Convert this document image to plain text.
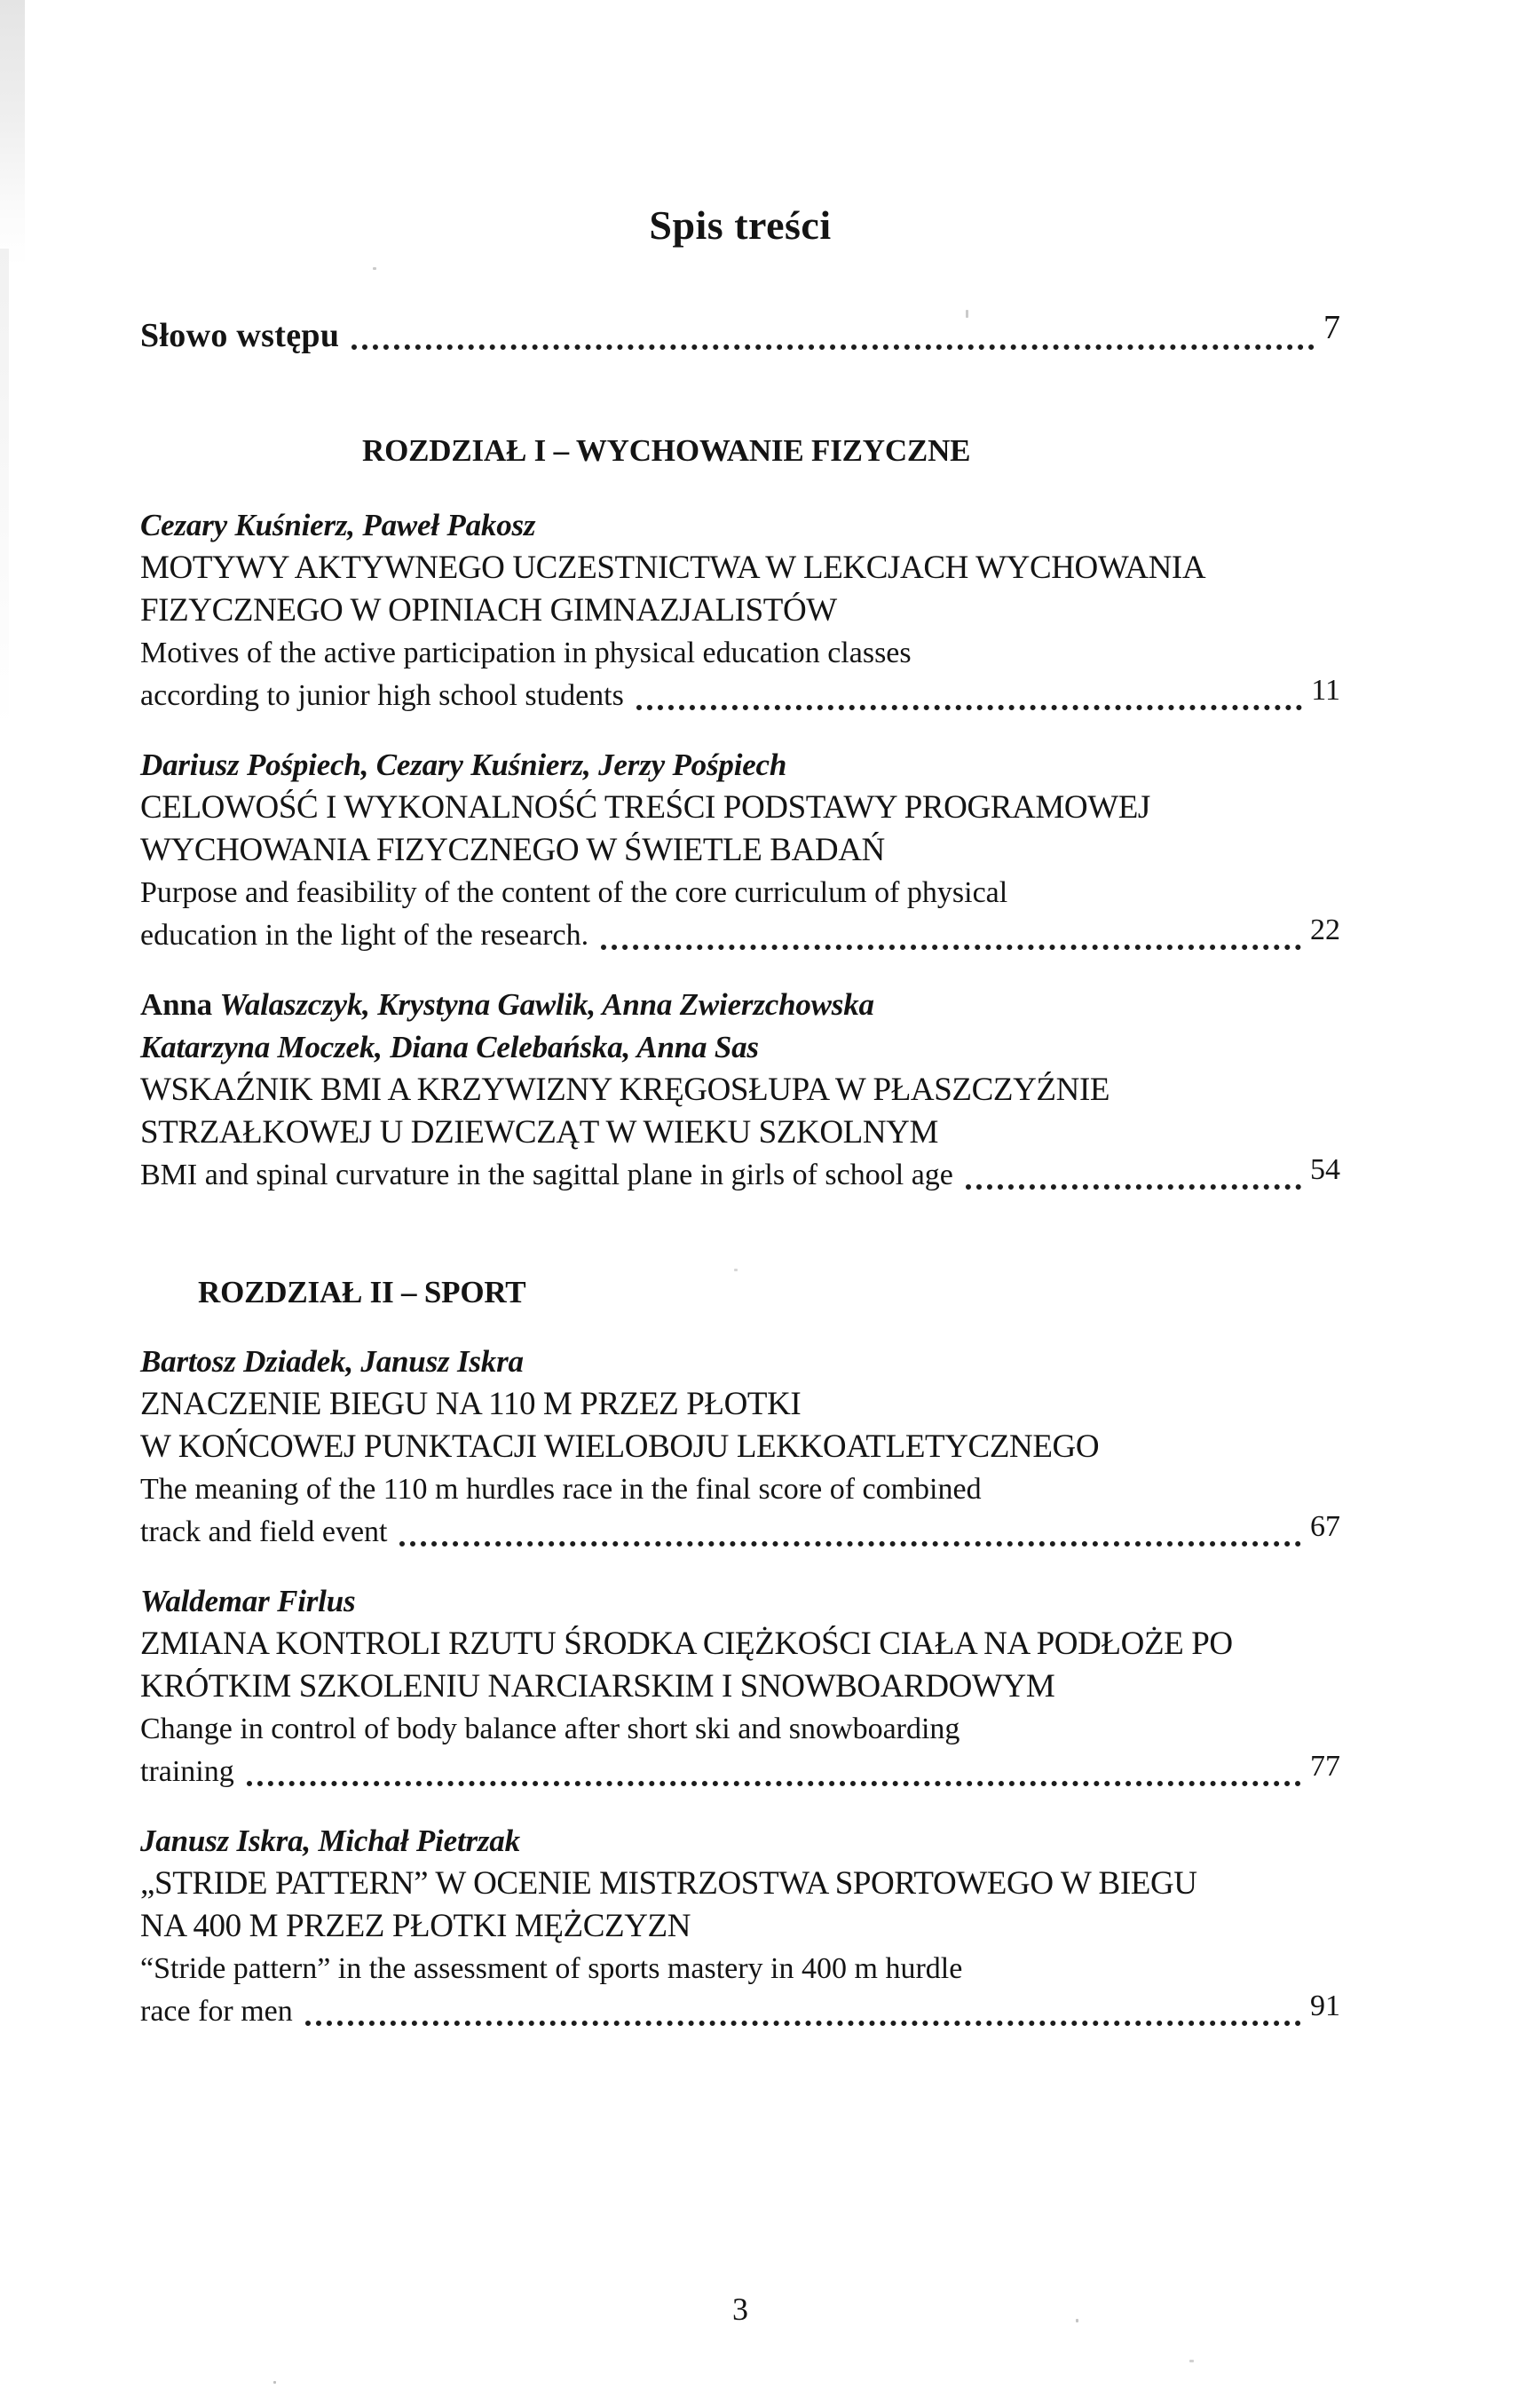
Spis treści
Słowo wstępu	7
ROZDZIAŁ I – WYCHOWANIE FIZYCZNE

Cezary Kuśnierz, Paweł Pakosz

MOTYWY AKTYWNEGO UCZESTNICTWA W LEKCJACH WYCHOWANIA

FIZYCZNEGO W OPINIACH GIMNAZJALISTÓW

Motives of the active participation in physical education classes

according to junior high school students	11

Dariusz Pośpiech, Cezary Kuśnierz, Jerzy Pośpiech

CELOWOŚĆ I WYKONALNOŚĆ TREŚCI PODSTAWY PROGRAMOWEJ

WYCHOWANIA FIZYCZNEGO W ŚWIETLE BADAŃ

Purpose and feasibility of the content of the core curriculum of physical

education in the light of the research.	22

Anna Walaszczyk, Krystyna Gawlik, Anna Zwierzchowska

Katarzyna Moczek, Diana Celebańska, Anna Sas

WSKAŹNIK BMI A KRZYWIZNY KRĘGOSŁUPA W PŁASZCZYŹNIE

STRZAŁKOWEJ U DZIEWCZĄT W WIEKU SZKOLNYM

BMI and spinal curvature in the sagittal plane in girls of school age	54

ROZDZIAŁ II – SPORT

Bartosz Dziadek, Janusz Iskra

ZNACZENIE BIEGU NA 110 M PRZEZ PŁOTKI

W KOŃCOWEJ PUNKTACJI WIELOBOJU LEKKOATLETYCZNEGO

The meaning of the 110 m hurdles race in the final score of combined

track and field event	67

Waldemar Firlus

ZMIANA KONTROLI RZUTU ŚRODKA CIĘŻKOŚCI CIAŁA NA PODŁOŻE PO

KRÓTKIM SZKOLENIU NARCIARSKIM I SNOWBOARDOWYM

Change in control of body balance after short ski and snowboarding

training	77

Janusz Iskra, Michał Pietrzak

„STRIDE PATTERN” W OCENIE MISTRZOSTWA SPORTOWEGO W BIEGU

NA 400 M PRZEZ PŁOTKI MĘŻCZYZN

“Stride pattern” in the assessment of sports mastery in 400 m hurdle

race for men	91

3
